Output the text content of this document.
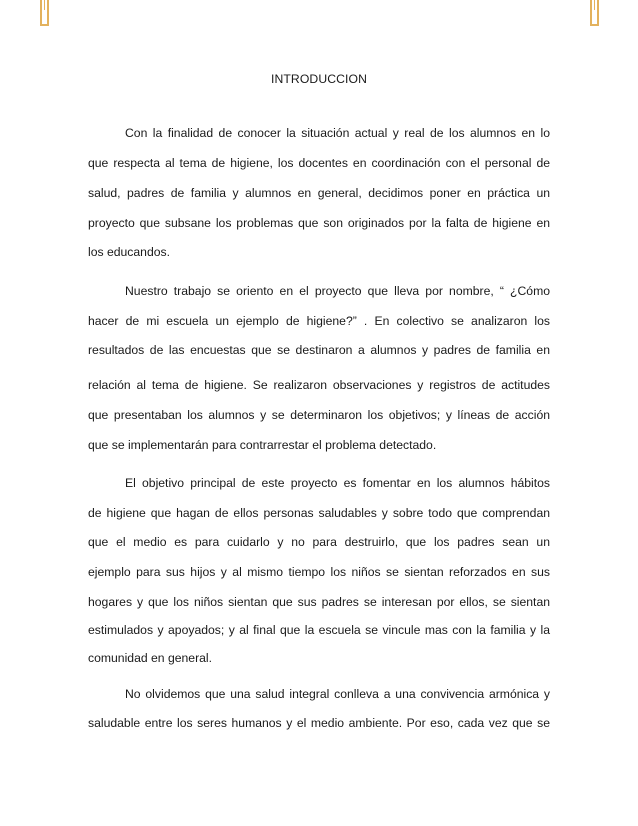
INTRODUCCION
Con la finalidad de conocer la situación actual y real de los alumnos en lo
que respecta al tema de higiene, los docentes en coordinación con el personal de
salud, padres de familia y alumnos en general, decidimos poner en práctica un
proyecto que subsane los problemas que son originados por la falta de higiene en
los educandos.
Nuestro trabajo se oriento en el proyecto que lleva por nombre, “ ¿Cómo
hacer de mi escuela un ejemplo de higiene?” . En colectivo se analizaron los
resultados de las encuestas que se destinaron a alumnos y padres de familia en
relación al tema de higiene. Se realizaron observaciones y registros de actitudes
que presentaban los alumnos y se determinaron los objetivos; y líneas de acción
que se implementarán para contrarrestar el problema detectado.
El objetivo principal de este proyecto es fomentar en los alumnos hábitos
de higiene que hagan de ellos personas saludables y sobre todo que comprendan
que el medio es para cuidarlo y no para destruirlo, que los padres sean un
ejemplo para sus hijos y al mismo tiempo los niños se sientan reforzados en sus
hogares y que los niños sientan que sus padres se interesan por ellos, se sientan
estimulados y apoyados; y al final que la escuela se vincule mas con la familia y la
comunidad en general.
No olvidemos que una salud integral conlleva a una convivencia armónica y
saludable entre los seres humanos y el medio ambiente. Por eso, cada vez que se
